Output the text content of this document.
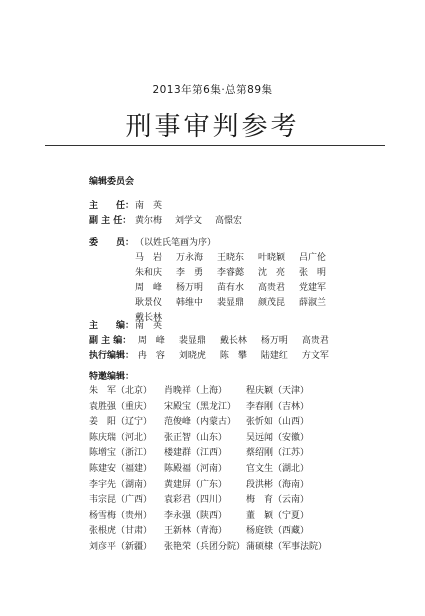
2013年第6集·总第89集
刑事审判参考
编辑委员会
主　　任：南　英
副 主 任： 黄尔梅 刘学文 高憬宏
委　　员：（以姓氏笔画为序）
马　岩 万永海 王晓东 叶晓颖 吕广伦
朱和庆 李　勇 李睿懿 沈　亮 张　明
周　峰 杨万明 苗有水 高贵君 党建军
耿景仪 韩维中 裴显鼎 颜茂昆 薛淑兰
戴长林
主　　编：南　英
副 主 编： 周　峰 裴显鼎 戴长林 杨万明 高贵君
执行编辑： 冉　容 刘晓虎 陈　攀 陆建红 方文军
特邀编辑：
朱　军（北京） 肖晚祥（上海） 程庆颖（天津）
袁胜强（重庆） 宋殿宝（黑龙江） 李春刚（吉林）
姜　阳（辽宁） 范俊峰（内蒙古） 张忻如（山西）
陈庆瑞（河北） 张正智（山东） 吴远闻（安徽）
陈增宝（浙江） 楼建群（江西） 蔡绍刚（江苏）
陈建安（福建） 陈殿福（河南） 官文生（湖北）
李宇先（湖南） 黄建屏（广东） 段洪彬（海南）
韦宗昆（广西） 袁彩君（四川） 梅　育（云南）
杨雪梅（贵州） 李永强（陕西） 董　颖（宁夏）
张根虎（甘肃） 王新林（青海） 杨庭铁（西藏）
刘彦平（新疆） 张艳荣（兵团分院）蒲硕棣（军事法院）
